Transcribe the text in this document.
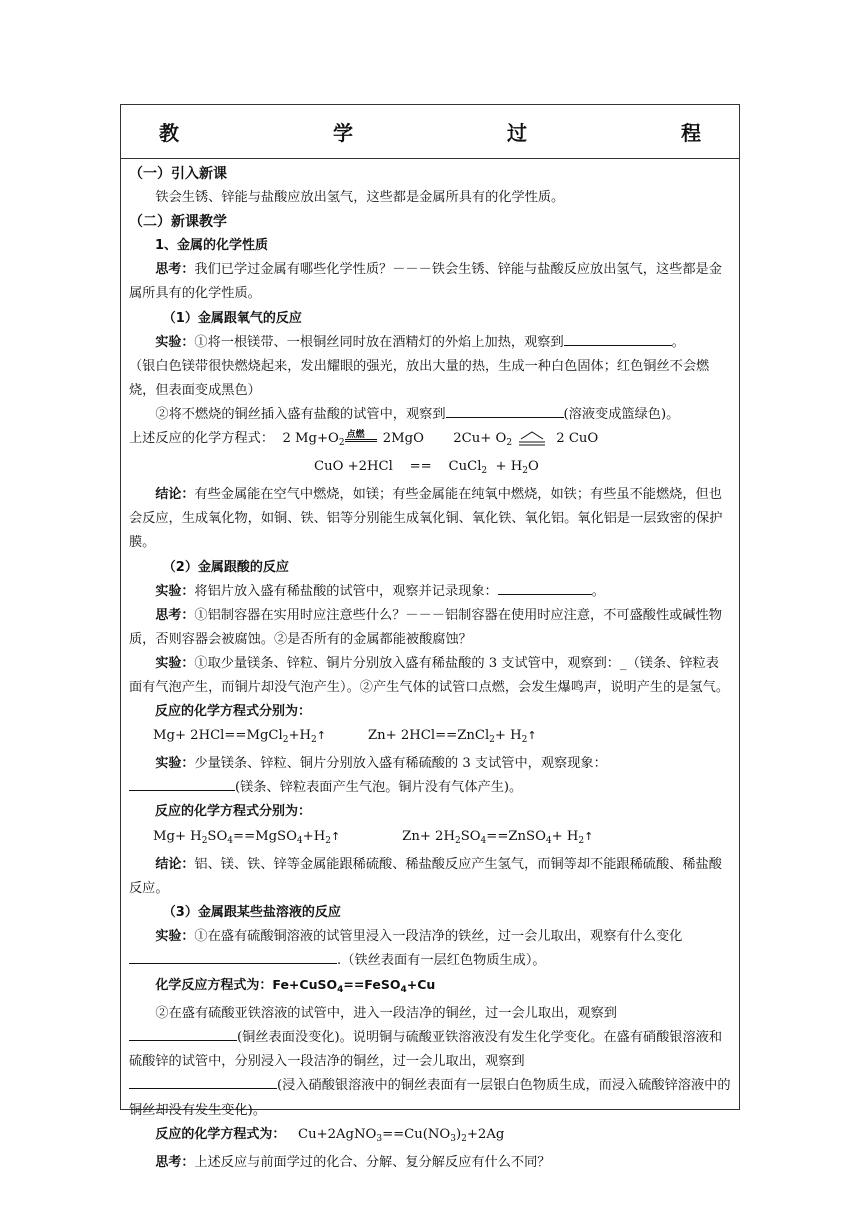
教　　学　　过　　程

（一）引入新课

铁会生锈、锌能与盐酸应放出氢气，这些都是金属所具有的化学性质。

（二）新课教学

1、金属的化学性质

思考：我们已学过金属有哪些化学性质？－－－铁会生锈、锌能与盐酸反应放出氢气，这些都是金属所具有的化学性质。

（1）金属跟氧气的反应

实验：①将一根镁带、一根铜丝同时放在酒精灯的外焰上加热，观察到	。

（银白色镁带很快燃烧起来，发出耀眼的强光，放出大量的热，生成一种白色固体；红色铜丝不会燃烧，但表面变成黑色）

②将不燃烧的铜丝插入盛有盐酸的试管中，观察到	(溶液变成篮绿色)。

上述反应的化学方程式： 2 $Mg+O_2$
点燃 2MgO $2Cu+ O_2$	2 CuO

CuO +2HCl == CuCl$_2$  + $H_2O$

结论：有些金属能在空气中燃烧，如镁；有些金属能在纯氧中燃烧，如铁；有些虽不能燃烧，但也会反应，生成氧化物，如铜、铁、铝等分别能生成氧化铜、氧化铁、氧化铝。氧化铝是一层致密的保护膜。

（2）金属跟酸的反应

实验：将铝片放入盛有稀盐酸的试管中，观察并记录现象：	。

思考：①铝制容器在实用时应注意些什么？－－－铝制容器在使用时应注意，不可盛酸性或碱性物质，否则容器会被腐蚀。②是否所有的金属都能被酸腐蚀？

实验：①取少量镁条、锌粒、铜片分别放入盛有稀盐酸的 3 支试管中，观察到：_（镁条、锌粒表面有气泡产生，而铜片却没气泡产生）。②产生气体的试管口点燃，会发生爆鸣声，说明产生的是氢气。

反应的化学方程式分别为：

$Mg+ 2HCl==MgCl_2+H_2↑$	Zn+ 2HCl==ZnCl$_2$+ $H_2↑$

实验：少量镁条、锌粒、铜片分别放入盛有稀硫酸的 3 支试管中，观察现象：

(镁条、锌粒表面产生气泡。铜片没有气体产生)。

反应的化学方程式分别为：

$Mg+ H_2SO_4==MgSO_4+H_2↑$	$Zn+ 2H_2SO_4==ZnSO_4+$ $H_2↑$

结论：铝、镁、铁、锌等金属能跟稀硫酸、稀盐酸反应产生氢气，而铜等却不能跟稀硫酸、稀盐酸反应。

（3）金属跟某些盐溶液的反应

实验：①在盛有硫酸铜溶液的试管里浸入一段洁净的铁丝，过一会儿取出，观察有什么变化.（铁丝表面有一层红色物质生成）。

化学反应方程式为：Fe+CuSO$_4$==FeSO$_4$+Cu

②在盛有硫酸亚铁溶液的试管中，进入一段洁净的铜丝，过一会儿取出，观察到

(铜丝表面没变化)。说明铜与硫酸亚铁溶液没有发生化学变化。在盛有硝酸银溶液和硫酸锌的试管中，分别浸入一段洁净的铜丝，过一会儿取出，观察到

(浸入硝酸银溶液中的铜丝表面有一层银白色物质生成，而浸入硫酸锌溶液中的铜丝却没有发生变化)。

反应的化学方程式为： $Cu+2AgNO_3==Cu(NO_3)_2+2Ag$

思考：上述反应与前面学过的化合、分解、复分解反应有什么不同？
